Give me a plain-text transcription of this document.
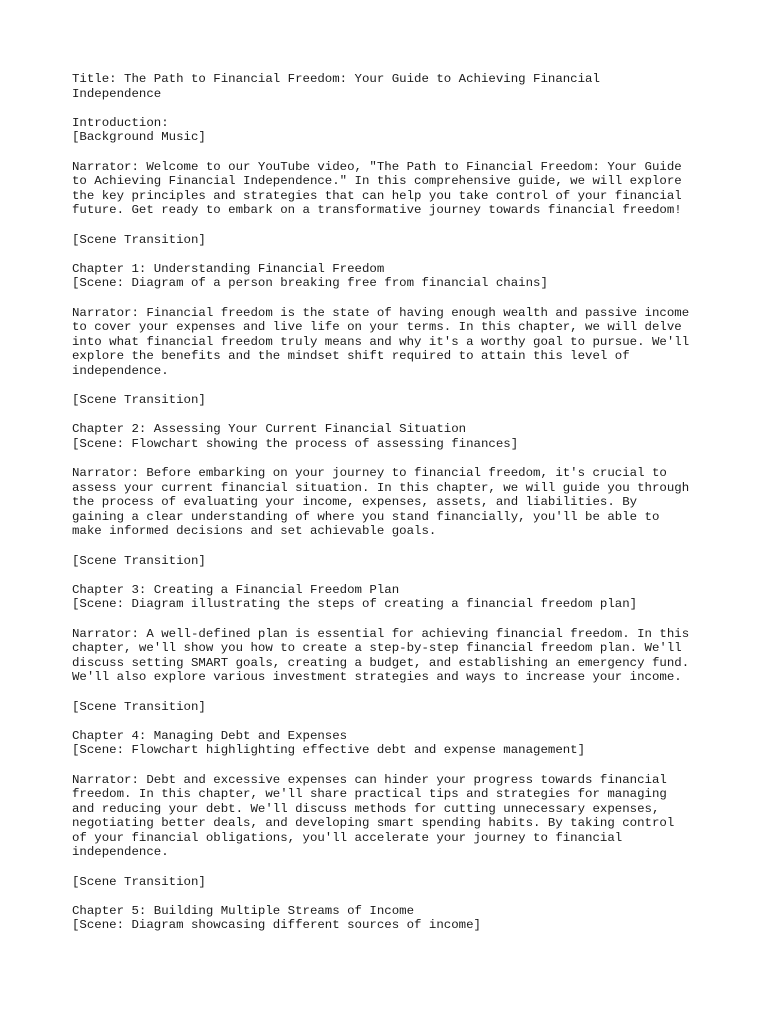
Title: The Path to Financial Freedom: Your Guide to Achieving Financial
Independence
Introduction:
[Background Music]
Narrator: Welcome to our YouTube video, "The Path to Financial Freedom: Your Guide
to Achieving Financial Independence." In this comprehensive guide, we will explore
the key principles and strategies that can help you take control of your financial
future. Get ready to embark on a transformative journey towards financial freedom!
[Scene Transition]
Chapter 1: Understanding Financial Freedom
[Scene: Diagram of a person breaking free from financial chains]
Narrator: Financial freedom is the state of having enough wealth and passive income
to cover your expenses and live life on your terms. In this chapter, we will delve
into what financial freedom truly means and why it's a worthy goal to pursue. We'll
explore the benefits and the mindset shift required to attain this level of
independence.
[Scene Transition]
Chapter 2: Assessing Your Current Financial Situation
[Scene: Flowchart showing the process of assessing finances]
Narrator: Before embarking on your journey to financial freedom, it's crucial to
assess your current financial situation. In this chapter, we will guide you through
the process of evaluating your income, expenses, assets, and liabilities. By
gaining a clear understanding of where you stand financially, you'll be able to
make informed decisions and set achievable goals.
[Scene Transition]
Chapter 3: Creating a Financial Freedom Plan
[Scene: Diagram illustrating the steps of creating a financial freedom plan]
Narrator: A well-defined plan is essential for achieving financial freedom. In this
chapter, we'll show you how to create a step-by-step financial freedom plan. We'll
discuss setting SMART goals, creating a budget, and establishing an emergency fund.
We'll also explore various investment strategies and ways to increase your income.
[Scene Transition]
Chapter 4: Managing Debt and Expenses
[Scene: Flowchart highlighting effective debt and expense management]
Narrator: Debt and excessive expenses can hinder your progress towards financial
freedom. In this chapter, we'll share practical tips and strategies for managing
and reducing your debt. We'll discuss methods for cutting unnecessary expenses,
negotiating better deals, and developing smart spending habits. By taking control
of your financial obligations, you'll accelerate your journey to financial
independence.
[Scene Transition]
Chapter 5: Building Multiple Streams of Income
[Scene: Diagram showcasing different sources of income]
